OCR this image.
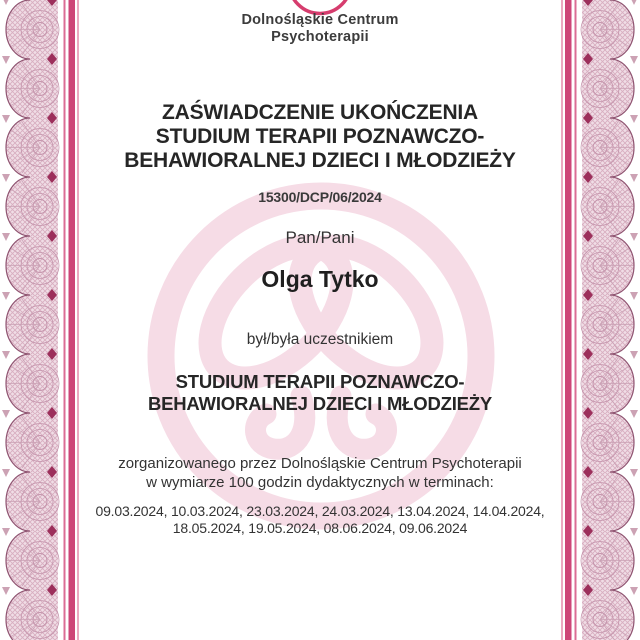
Dolnośląskie Centrum
Psychoterapii
ZAŚWIADCZENIE UKOŃCZENIA
STUDIUM TERAPII POZNAWCZO-
BEHAWIORALNEJ DZIECI I MŁODZIEŻY
15300/DCP/06/2024
Pan/Pani
Olga Tytko
był/była uczestnikiem
STUDIUM TERAPII POZNAWCZO-
BEHAWIORALNEJ DZIECI I MŁODZIEŻY
zorganizowanego przez Dolnośląskie Centrum Psychoterapii
w wymiarze 100 godzin dydaktycznych w terminach:
09.03.2024, 10.03.2024, 23.03.2024, 24.03.2024, 13.04.2024, 14.04.2024,
18.05.2024, 19.05.2024, 08.06.2024, 09.06.2024
